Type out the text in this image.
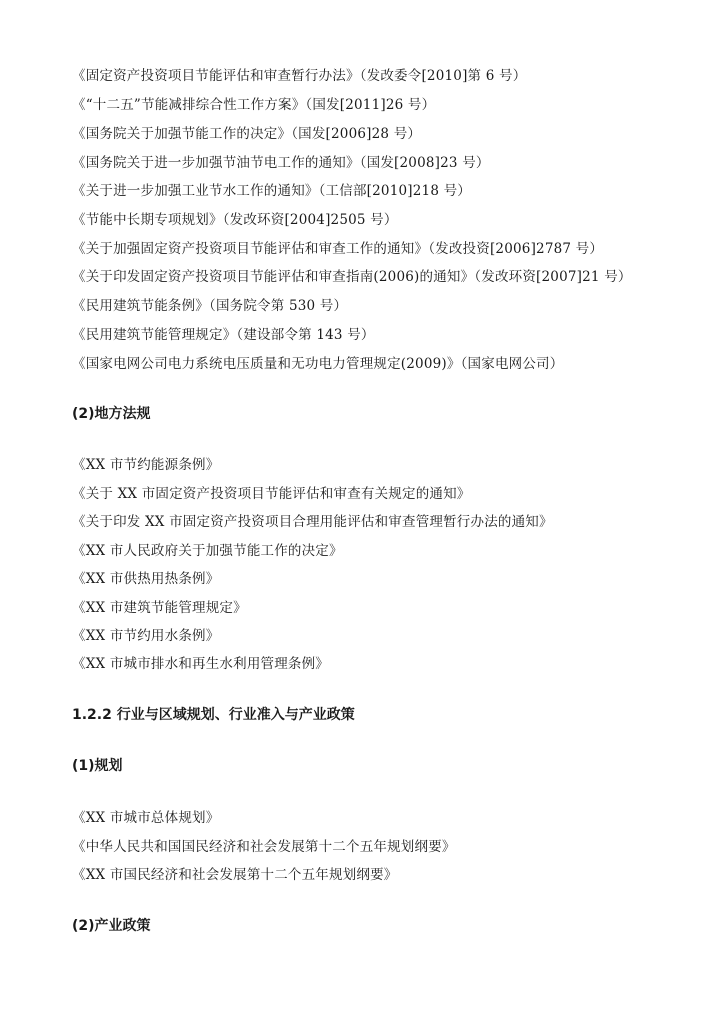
《固定资产投资项目节能评估和审查暂行办法》（发改委令[2010]第 6 号）
《“十二五”节能减排综合性工作方案》（国发[2011]26 号）
《国务院关于加强节能工作的决定》（国发[2006]28 号）
《国务院关于进一步加强节油节电工作的通知》（国发[2008]23 号）
《关于进一步加强工业节水工作的通知》（工信部[2010]218 号）
《节能中长期专项规划》（发改环资[2004]2505 号）
《关于加强固定资产投资项目节能评估和审查工作的通知》（发改投资[2006]2787 号）
《关于印发固定资产投资项目节能评估和审查指南(2006)的通知》（发改环资[2007]21 号）
《民用建筑节能条例》（国务院令第 530 号）
《民用建筑节能管理规定》（建设部令第 143 号）
《国家电网公司电力系统电压质量和无功电力管理规定(2009)》（国家电网公司）
(2)地方法规
《XX 市节约能源条例》
《关于 XX 市固定资产投资项目节能评估和审查有关规定的通知》
《关于印发 XX 市固定资产投资项目合理用能评估和审查管理暂行办法的通知》
《XX 市人民政府关于加强节能工作的决定》
《XX 市供热用热条例》
《XX 市建筑节能管理规定》
《XX 市节约用水条例》
《XX 市城市排水和再生水利用管理条例》
1.2.2 行业与区域规划、行业准入与产业政策
(1)规划
《XX 市城市总体规划》
《中华人民共和国国民经济和社会发展第十二个五年规划纲要》
《XX 市国民经济和社会发展第十二个五年规划纲要》
(2)产业政策
